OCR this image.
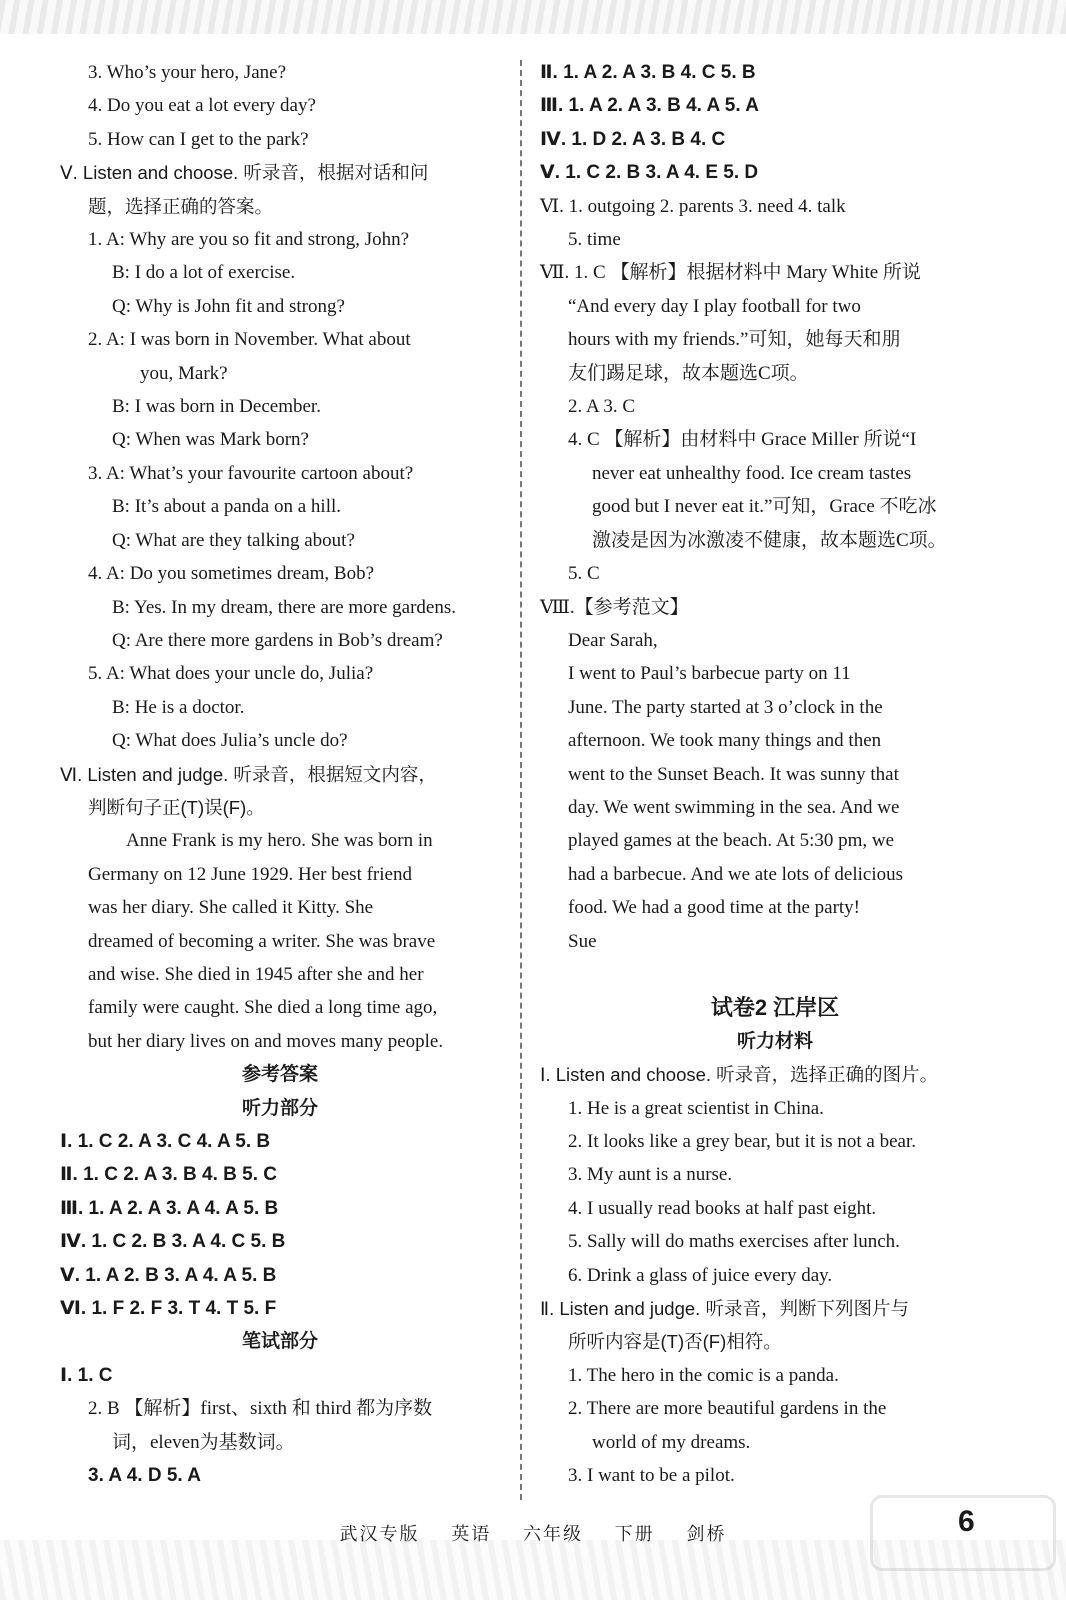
3. Who’s your hero, Jane?
4. Do you eat a lot every day?
5. How can I get to the park?
Ⅴ. Listen and choose. 听录音，根据对话和问
题，选择正确的答案。
1. A: Why are you so fit and strong, John?
B: I do a lot of exercise.
Q: Why is John fit and strong?
2. A: I was born in November. What about
you, Mark?
B: I was born in December.
Q: When was Mark born?
3. A: What’s your favourite cartoon about?
B: It’s about a panda on a hill.
Q: What are they talking about?
4. A: Do you sometimes dream, Bob?
B: Yes. In my dream, there are more gardens.
Q: Are there more gardens in Bob’s dream?
5. A: What does your uncle do, Julia?
B: He is a doctor.
Q: What does Julia’s uncle do?
Ⅵ. Listen and judge. 听录音，根据短文内容，
判断句子正(T)误(F)。
　　Anne Frank is my hero. She was born in
Germany on 12 June 1929. Her best friend
was her diary. She called it Kitty. She
dreamed of becoming a writer. She was brave
and wise. She died in 1945 after she and her
family were caught. She died a long time ago,
but her diary lives on and moves many people.
参考答案
听力部分
Ⅰ. 1. C 2. A 3. C 4. A 5. B
Ⅱ. 1. C 2. A 3. B 4. B 5. C
Ⅲ. 1. A 2. A 3. A 4. A 5. B
Ⅳ. 1. C 2. B 3. A 4. C 5. B
Ⅴ. 1. A 2. B 3. A 4. A 5. B
Ⅵ. 1. F 2. F 3. T 4. T 5. F
笔试部分
Ⅰ. 1. C
2. B 【解析】first、sixth 和 third 都为序数
词，eleven为基数词。
3. A 4. D 5. A
Ⅱ. 1. A 2. A 3. B 4. C 5. B
Ⅲ. 1. A 2. A 3. B 4. A 5. A
Ⅳ. 1. D 2. A 3. B 4. C
Ⅴ. 1. C 2. B 3. A 4. E 5. D
Ⅵ. 1. outgoing 2. parents 3. need 4. talk
5. time
Ⅶ. 1. C 【解析】根据材料中 Mary White 所说
“And every day I play football for two
hours with my friends.”可知，她每天和朋
友们踢足球，故本题选C项。
2. A 3. C
4. C 【解析】由材料中 Grace Miller 所说“I
never eat unhealthy food. Ice cream tastes
good but I never eat it.”可知，Grace 不吃冰
激凌是因为冰激凌不健康，故本题选C项。
5. C
Ⅷ.【参考范文】
Dear Sarah,
I went to Paul’s barbecue party on 11
June. The party started at 3 o’clock in the
afternoon. We took many things and then
went to the Sunset Beach. It was sunny that
day. We went swimming in the sea. And we
played games at the beach. At 5:30 pm, we
had a barbecue. And we ate lots of delicious
food. We had a good time at the party!
Sue

试卷2 江岸区
听力材料
Ⅰ. Listen and choose. 听录音，选择正确的图片。
1. He is a great scientist in China.
2. It looks like a grey bear, but it is not a bear.
3. My aunt is a nurse.
4. I usually read books at half past eight.
5. Sally will do maths exercises after lunch.
6. Drink a glass of juice every day.
Ⅱ. Listen and judge. 听录音，判断下列图片与
所听内容是(T)否(F)相符。
1. The hero in the comic is a panda.
2. There are more beautiful gardens in the
world of my dreams.
3. I want to be a pilot.
武汉专版 英语 六年级 下册 剑桥	6
